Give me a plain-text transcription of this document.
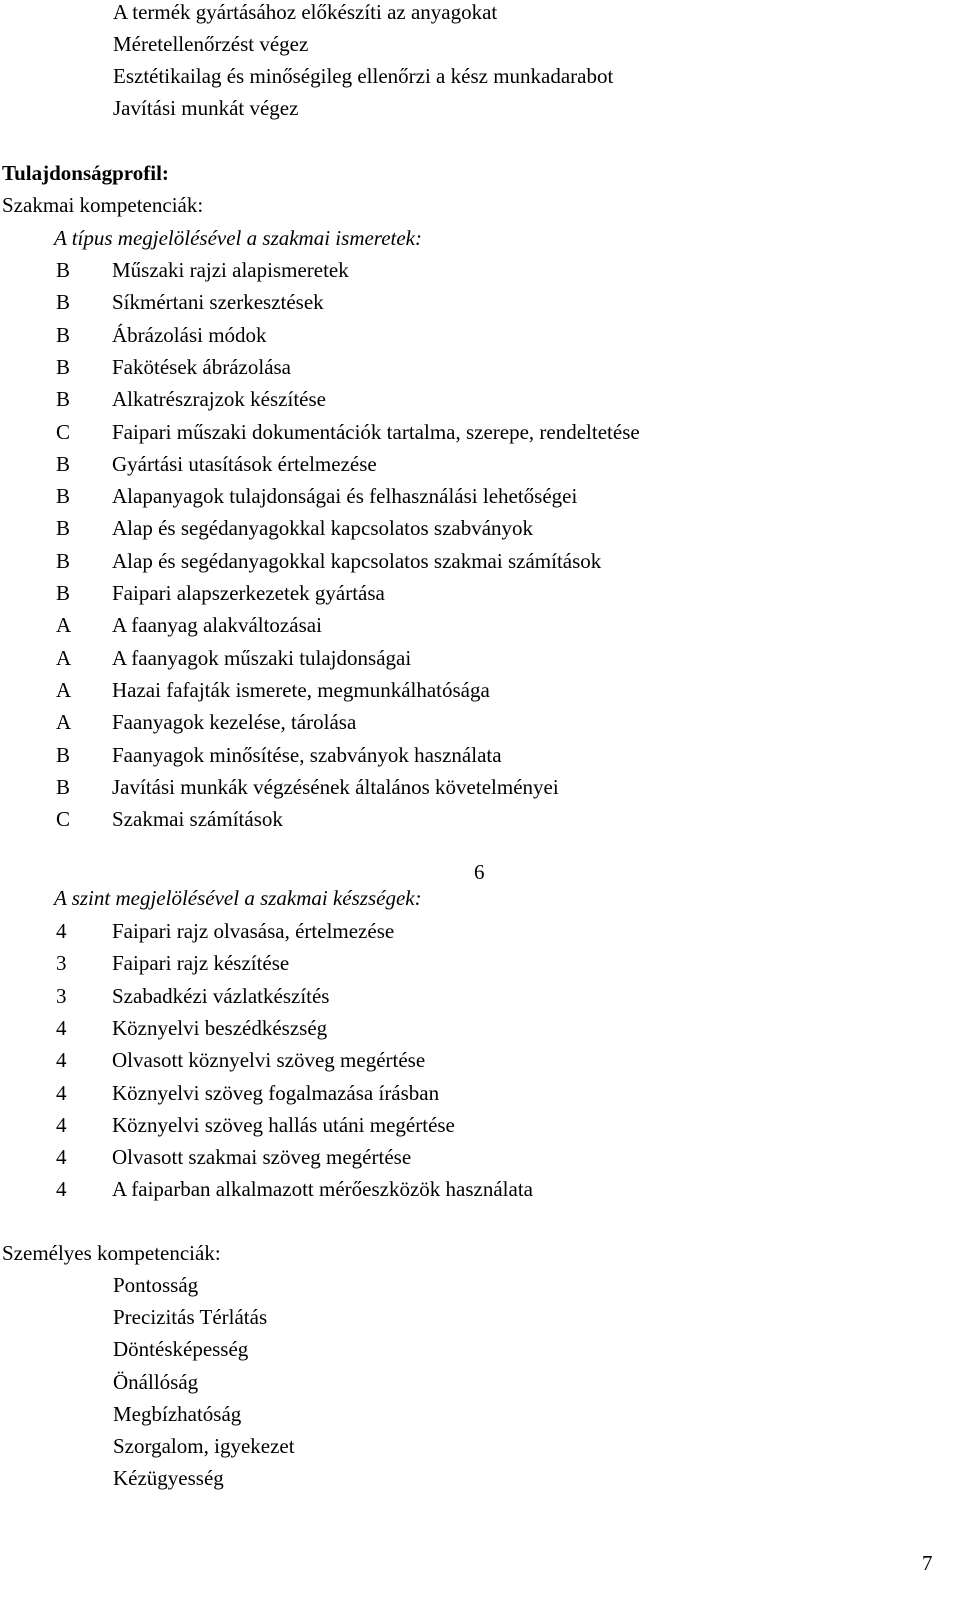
A termék gyártásához előkészíti az anyagokat
Méretellenőrzést végez
Esztétikailag és minőségileg ellenőrzi a kész munkadarabot
Javítási munkát végez
Tulajdonságprofil:
Szakmai kompetenciák:
A típus megjelölésével a szakmai ismeretek:
B Műszaki rajzi alapismeretek
B Síkmértani szerkesztések
B Ábrázolási módok
B Fakötések ábrázolása
B Alkatrészrajzok készítése
C Faipari műszaki dokumentációk tartalma, szerepe, rendeltetése
B Gyártási utasítások értelmezése
B Alapanyagok tulajdonságai és felhasználási lehetőségei
B Alap és segédanyagokkal kapcsolatos szabványok
B Alap és segédanyagokkal kapcsolatos szakmai számítások
B Faipari alapszerkezetek gyártása
A A faanyag alakváltozásai
A A faanyagok műszaki tulajdonságai
A Hazai fafajták ismerete, megmunkálhatósága
A Faanyagok kezelése, tárolása
B Faanyagok minősítése, szabványok használata
B Javítási munkák végzésének általános követelményei
C Szakmai számítások
6
A szint megjelölésével a szakmai készségek:
4 Faipari rajz olvasása, értelmezése
3 Faipari rajz készítése
3 Szabadkézi vázlatkészítés
4 Köznyelvi beszédkészség
4 Olvasott köznyelvi szöveg megértése
4 Köznyelvi szöveg fogalmazása írásban
4 Köznyelvi szöveg hallás utáni megértése
4 Olvasott szakmai szöveg megértése
4 A faiparban alkalmazott mérőeszközök használata
Személyes kompetenciák:
Pontosság
Precizitás Térlátás
Döntésképesség
Önállóság
Megbízhatóság
Szorgalom, igyekezet
Kézügyesség
7
